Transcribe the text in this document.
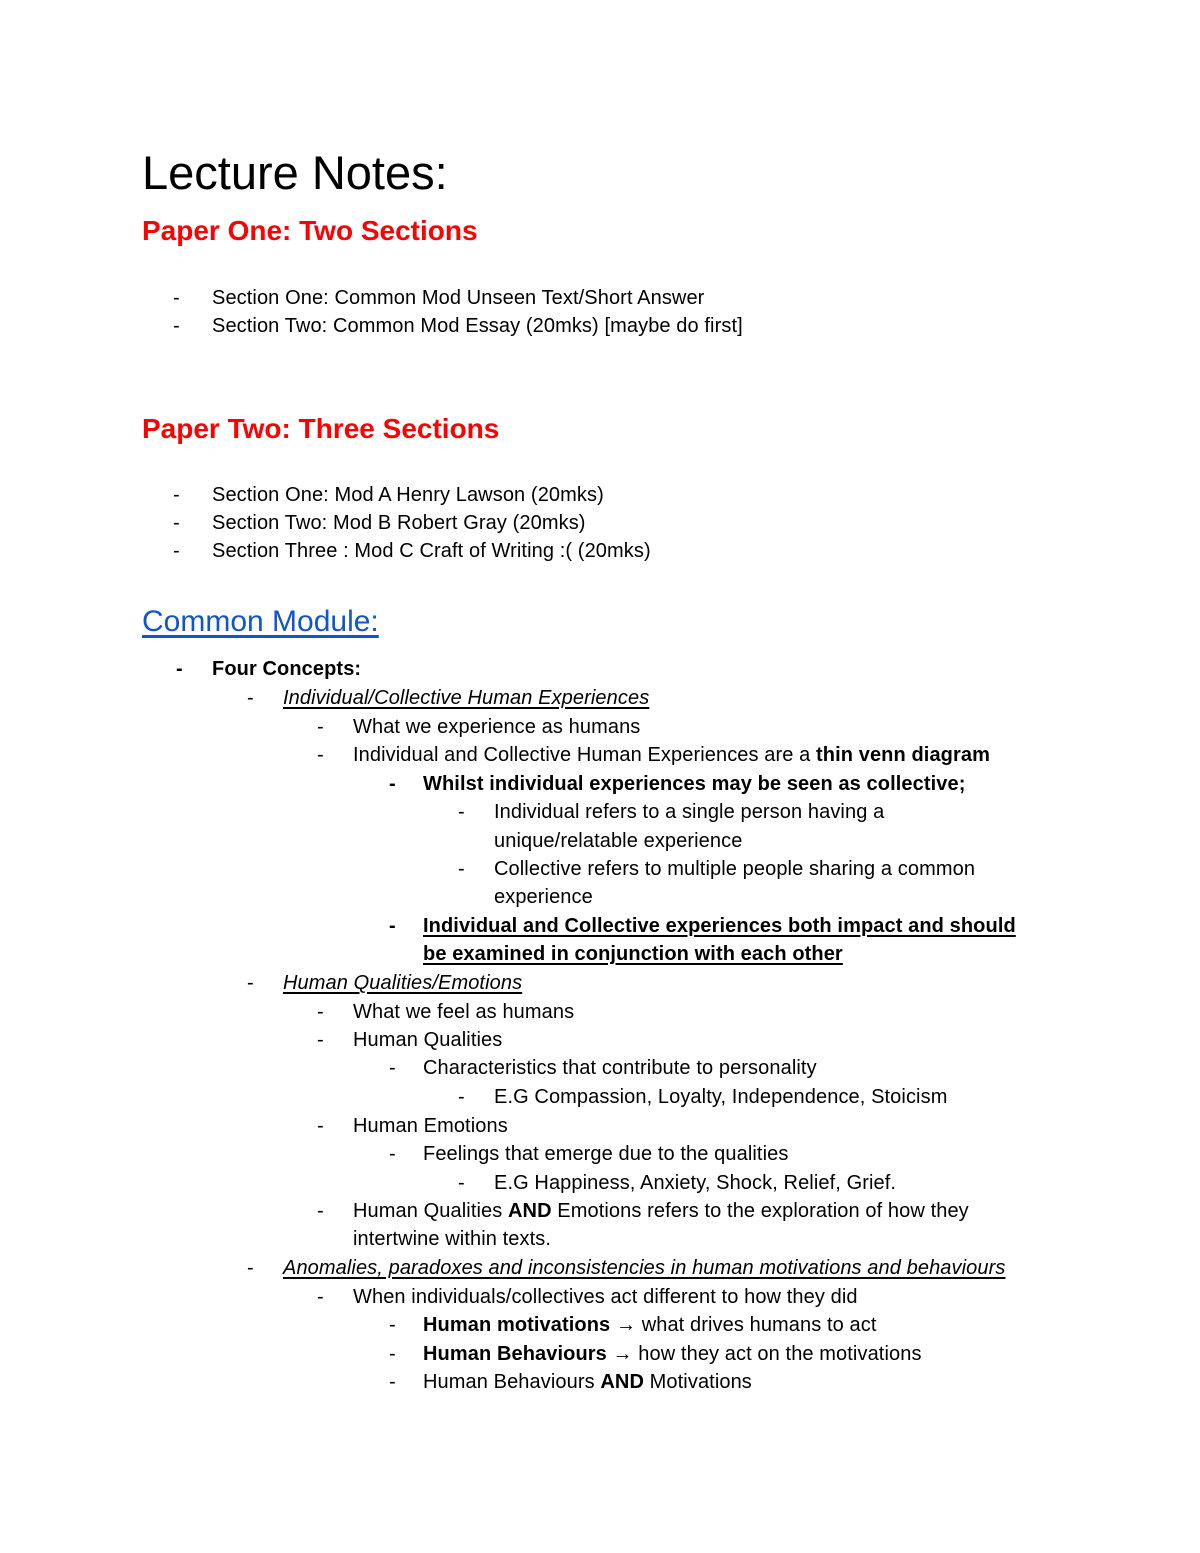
Lecture Notes:
Paper One: Two Sections
- Section One: Common Mod Unseen Text/Short Answer
- Section Two: Common Mod Essay (20mks) [maybe do first]
Paper Two: Three Sections
- Section One: Mod A Henry Lawson (20mks)
- Section Two: Mod B Robert Gray (20mks)
- Section Three : Mod C Craft of Writing :( (20mks)
Common Module:
- Four Concepts:
- Individual/Collective Human Experiences
- What we experience as humans
- Individual and Collective Human Experiences are a thin venn diagram
- Whilst individual experiences may be seen as collective;
- Individual refers to a single person having a
unique/relatable experience
- Collective refers to multiple people sharing a common
experience
- Individual and Collective experiences both impact and should
be examined in conjunction with each other
- Human Qualities/Emotions
- What we feel as humans
- Human Qualities
- Characteristics that contribute to personality
- E.G Compassion, Loyalty, Independence, Stoicism
- Human Emotions
- Feelings that emerge due to the qualities
- E.G Happiness, Anxiety, Shock, Relief, Grief.
- Human Qualities AND Emotions refers to the exploration of how they
intertwine within texts.
- Anomalies, paradoxes and inconsistencies in human motivations and behaviours
- When individuals/collectives act different to how they did
- Human motivations → what drives humans to act
- Human Behaviours → how they act on the motivations
- Human Behaviours AND Motivations
